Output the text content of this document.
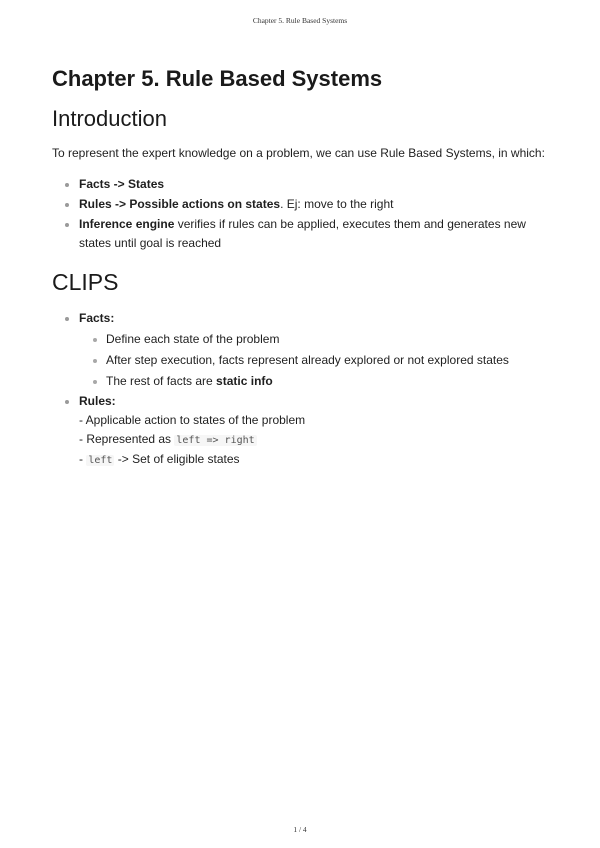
Chapter 5. Rule Based Systems
Chapter 5. Rule Based Systems
Introduction

To represent the expert knowledge on a problem, we can use Rule Based Systems, in which:

Facts -> States
Rules -> Possible actions on states. Ej: move to the right
Inference engine verifies if rules can be applied, executes them and generates new states until goal is reached
CLIPS
Facts:
Define each state of the problem
After step execution, facts represent already explored or not explored states
The rest of facts are static info
Rules:
- Applicable action to states of the problem
- Represented as left => right
- left -> Set of eligible states
1 / 4
